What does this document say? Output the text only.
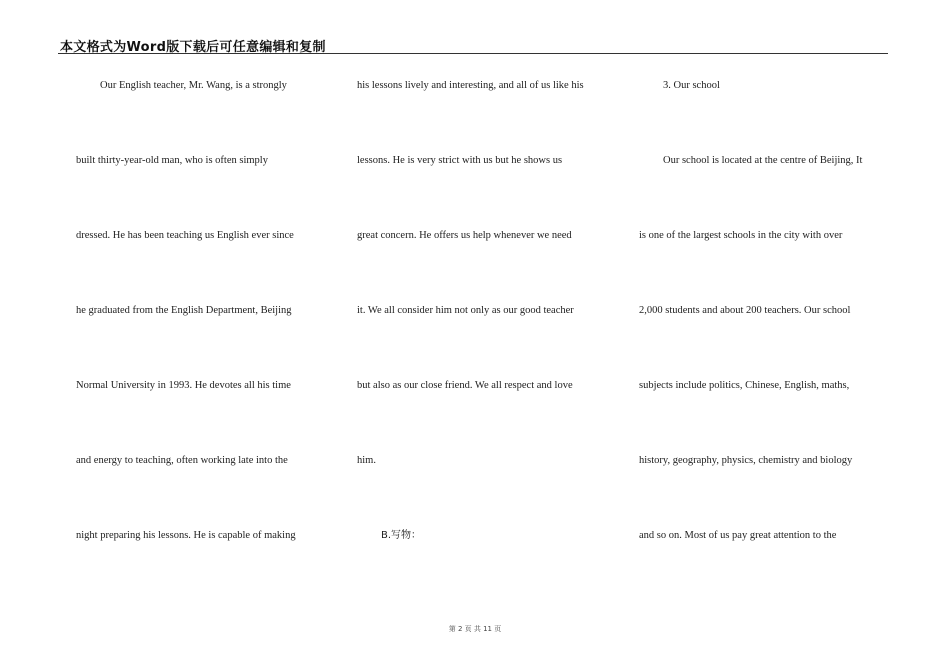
本文格式为Word版下载后可任意编辑和复制
Our English teacher, Mr. Wang, is a strongly
built thirty-year-old man, who is often simply
dressed. He has been teaching us English ever since
he graduated from the English Department, Beijing
Normal University in 1993. He devotes all his time
and energy to teaching, often working late into the
night preparing his lessons. He is capable of making
his lessons lively and interesting, and all of us like his
lessons. He is very strict with us but he shows us
great concern. He offers us help whenever we need
it. We all consider him not only as our good teacher
but also as our close friend. We all respect and love
him.
B.写物：
3. Our school
Our school is located at the centre of Beijing, It
is one of the largest schools in the city with over
2,000 students and about 200 teachers. Our school
subjects include politics, Chinese, English, maths,
history, geography, physics, chemistry and biology
and so on. Most of us pay great attention to the
第 2 页 共 11 页
